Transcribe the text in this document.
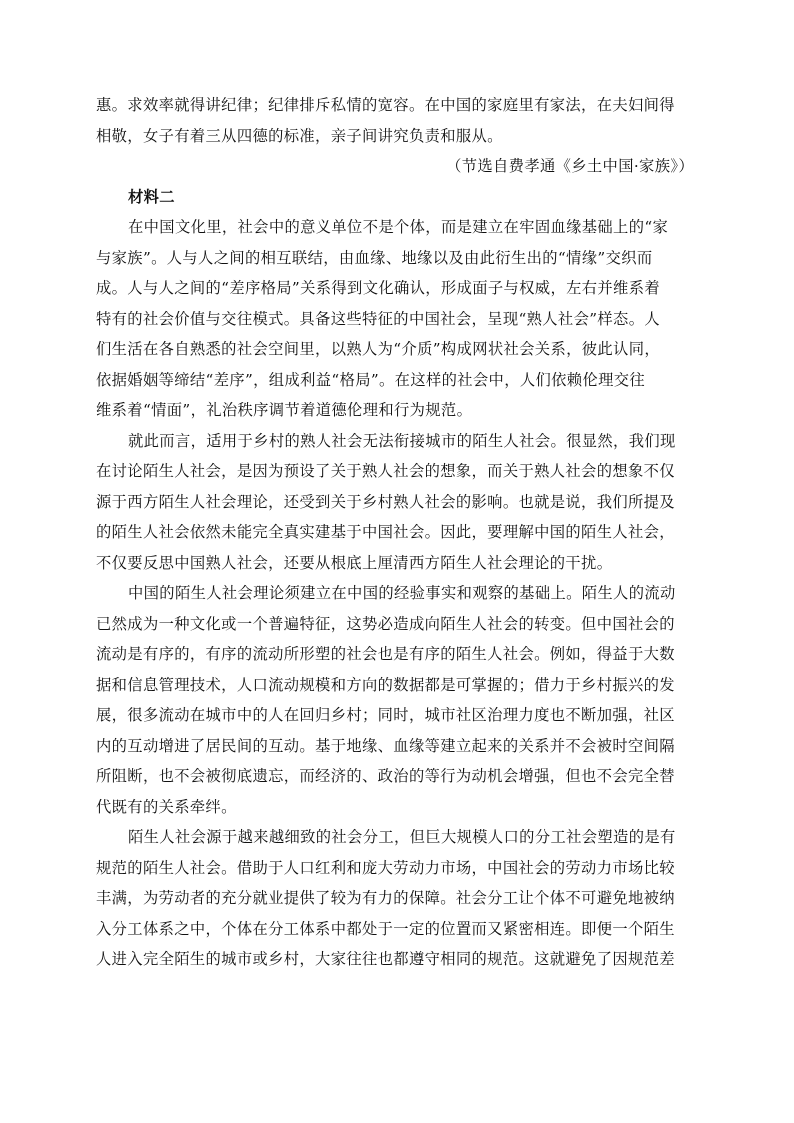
惠。求效率就得讲纪律；纪律排斥私情的宽容。在中国的家庭里有家法，在夫妇间得
相敬，女子有着三从四德的标准，亲子间讲究负责和服从。
（节选自费孝通《乡土中国·家族》）
材料二
在中国文化里，社会中的意义单位不是个体，而是建立在牢固血缘基础上的“家
与家族”。人与人之间的相互联结，由血缘、地缘以及由此衍生出的“情缘”交织而
成。人与人之间的“差序格局”关系得到文化确认，形成面子与权威，左右并维系着
特有的社会价值与交往模式。具备这些特征的中国社会，呈现“熟人社会”样态。人
们生活在各自熟悉的社会空间里，以熟人为“介质”构成网状社会关系，彼此认同，
依据婚姻等缔结“差序”，组成利益“格局”。在这样的社会中，人们依赖伦理交往
维系着“情面”，礼治秩序调节着道德伦理和行为规范。
就此而言，适用于乡村的熟人社会无法衔接城市的陌生人社会。很显然，我们现
在讨论陌生人社会，是因为预设了关于熟人社会的想象，而关于熟人社会的想象不仅
源于西方陌生人社会理论，还受到关于乡村熟人社会的影响。也就是说，我们所提及
的陌生人社会依然未能完全真实建基于中国社会。因此，要理解中国的陌生人社会，
不仅要反思中国熟人社会，还要从根底上厘清西方陌生人社会理论的干扰。
中国的陌生人社会理论须建立在中国的经验事实和观察的基础上。陌生人的流动
已然成为一种文化或一个普遍特征，这势必造成向陌生人社会的转变。但中国社会的
流动是有序的，有序的流动所形塑的社会也是有序的陌生人社会。例如，得益于大数
据和信息管理技术，人口流动规模和方向的数据都是可掌握的；借力于乡村振兴的发
展，很多流动在城市中的人在回归乡村；同时，城市社区治理力度也不断加强，社区
内的互动增进了居民间的互动。基于地缘、血缘等建立起来的关系并不会被时空间隔
所阻断，也不会被彻底遗忘，而经济的、政治的等行为动机会增强，但也不会完全替
代既有的关系牵绊。
陌生人社会源于越来越细致的社会分工，但巨大规模人口的分工社会塑造的是有
规范的陌生人社会。借助于人口红利和庞大劳动力市场，中国社会的劳动力市场比较
丰满，为劳动者的充分就业提供了较为有力的保障。社会分工让个体不可避免地被纳
入分工体系之中，个体在分工体系中都处于一定的位置而又紧密相连。即便一个陌生
人进入完全陌生的城市或乡村，大家往往也都遵守相同的规范。这就避免了因规范差
